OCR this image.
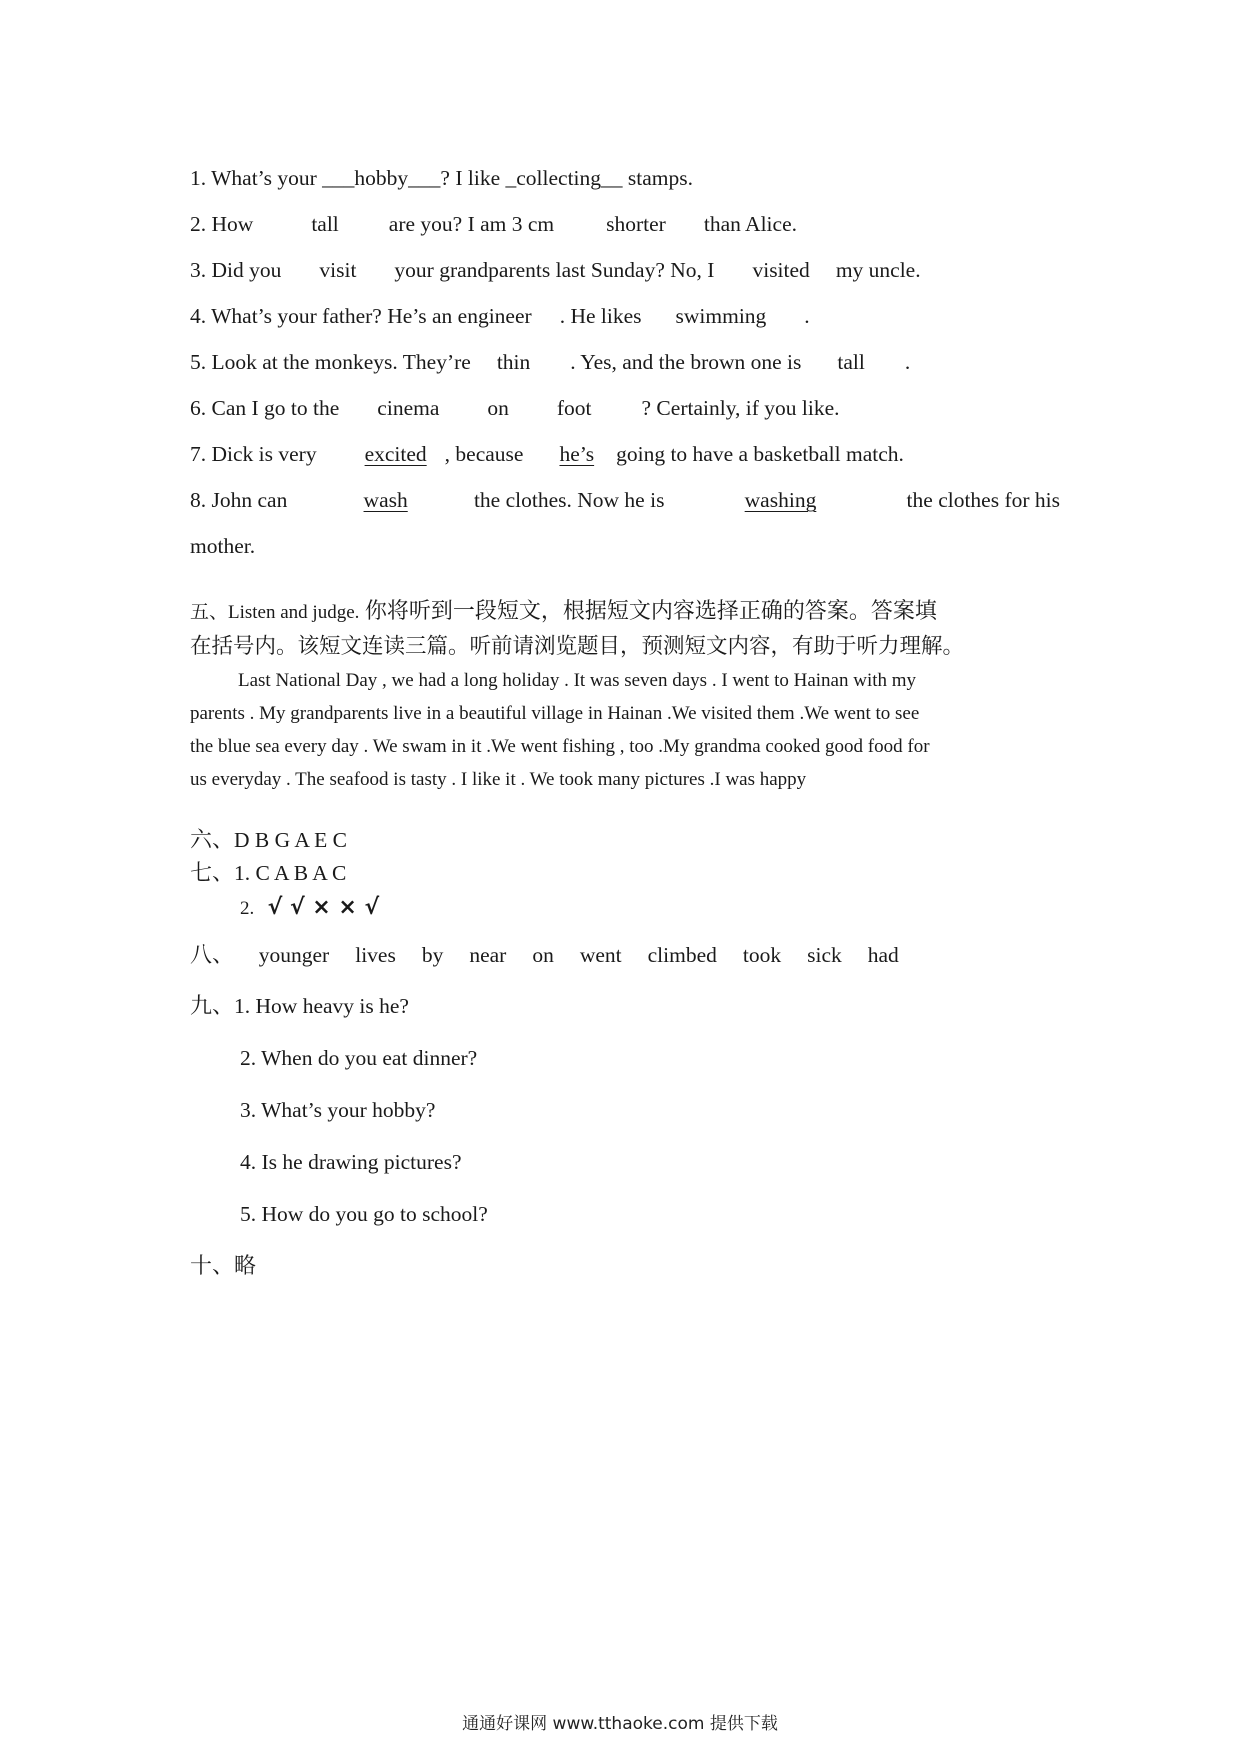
1. What’s your ___hobby___? I like _collecting__ stamps.
2. How	tall are you? I am 3 cm shorter than Alice.
3. Did you visit your grandparents last Sunday? No, I visited my uncle.
4. What’s your father? He’s an engineer . He likes swimming .
5. Look at the monkeys. They’re thin . Yes, and the brown one is tall .
6. Can I go to the cinema on foot ? Certainly, if you like.
7. Dick is very excited , because he’s going to have a basketball match.
8. John can	wash	the clothes. Now he is	washing	the clothes for his
mother.
五、Listen and judge. 你将听到一段短文，根据短文内容选择正确的答案。答案填
在括号内。该短文连读三篇。听前请浏览题目，预测短文内容，有助于听力理解。

Last National Day , we had a long holiday . It was seven days . I went to Hainan with my

parents . My grandparents live in a beautiful village in Hainan .We visited them .We went to see

the blue sea every day . We swam in it .We went fishing , too .My grandma cooked good food for

us everyday . The seafood is tasty . I like it . We took many pictures .I was happy

六、D B G A E C
七、1. C A B A C
2. √ √ × × √
八、 younger lives by near on went climbed took sick had
九、1. How heavy is he?
2. When do you eat dinner?
3. What’s your hobby?
4. Is he drawing pictures?
5. How do you go to school?
十、略
通通好课网 www.tthaoke.com 提供下载
